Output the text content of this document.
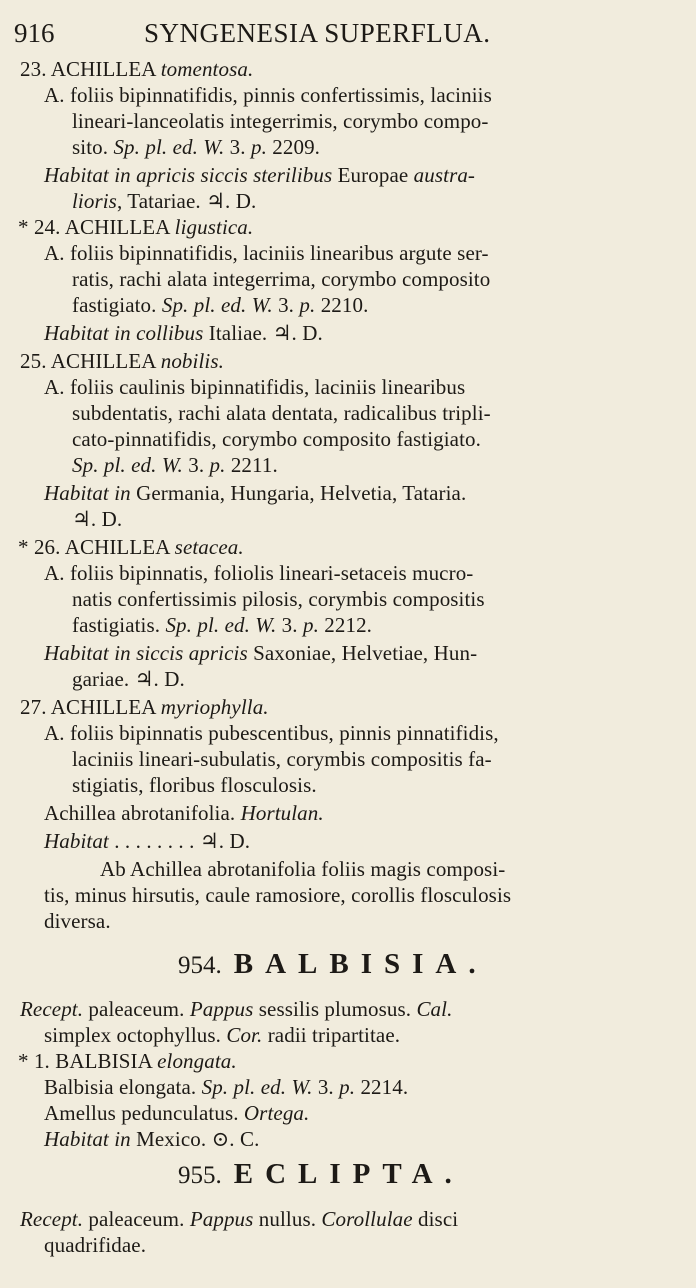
916	SYNGENESIA SUPERFLUA.
23. ACHILLEA tomentosa.
A. foliis bipinnatifidis, pinnis confertissimis, laciniis
lineari-lanceolatis integerrimis, corymbo compo-
sito. Sp. pl. ed. W. 3. p. 2209.
Habitat in apricis siccis sterilibus Europae austra-
lioris, Tatariae. ♃. D.
* 24. ACHILLEA ligustica.
A. foliis bipinnatifidis, laciniis linearibus argute ser-
ratis, rachi alata integerrima, corymbo composito
fastigiato. Sp. pl. ed. W. 3. p. 2210.
Habitat in collibus Italiae. ♃. D.
25. ACHILLEA nobilis.
A. foliis caulinis bipinnatifidis, laciniis linearibus
subdentatis, rachi alata dentata, radicalibus tripli-
cato-pinnatifidis, corymbo composito fastigiato.
Sp. pl. ed. W. 3. p. 2211.
Habitat in Germania, Hungaria, Helvetia, Tataria.
♃. D.
* 26. ACHILLEA setacea.
A. foliis bipinnatis, foliolis lineari-setaceis mucro-
natis confertissimis pilosis, corymbis compositis
fastigiatis. Sp. pl. ed. W. 3. p. 2212.
Habitat in siccis apricis Saxoniae, Helvetiae, Hun-
gariae. ♃. D.
27. ACHILLEA myriophylla.
A. foliis bipinnatis pubescentibus, pinnis pinnatifidis,
laciniis lineari-subulatis, corymbis compositis fa-
stigiatis, floribus flosculosis.
Achillea abrotanifolia. Hortulan.
Habitat . . . . . . . . ♃. D.
Ab Achillea abrotanifolia foliis magis composi-
tis, minus hirsutis, caule ramosiore, corollis flosculosis
diversa.
Recept. paleaceum. Pappus sessilis plumosus. Cal.
simplex octophyllus. Cor. radii tripartitae.
* 1. BALBISIA elongata.
Balbisia elongata. Sp. pl. ed. W. 3. p. 2214.
Amellus pedunculatus. Ortega.
Habitat in Mexico. ⊙. C.
Recept. paleaceum. Pappus nullus. Corollulae disci
quadrifidae.
954. BALBISIA.
955. ECLIPTA.
